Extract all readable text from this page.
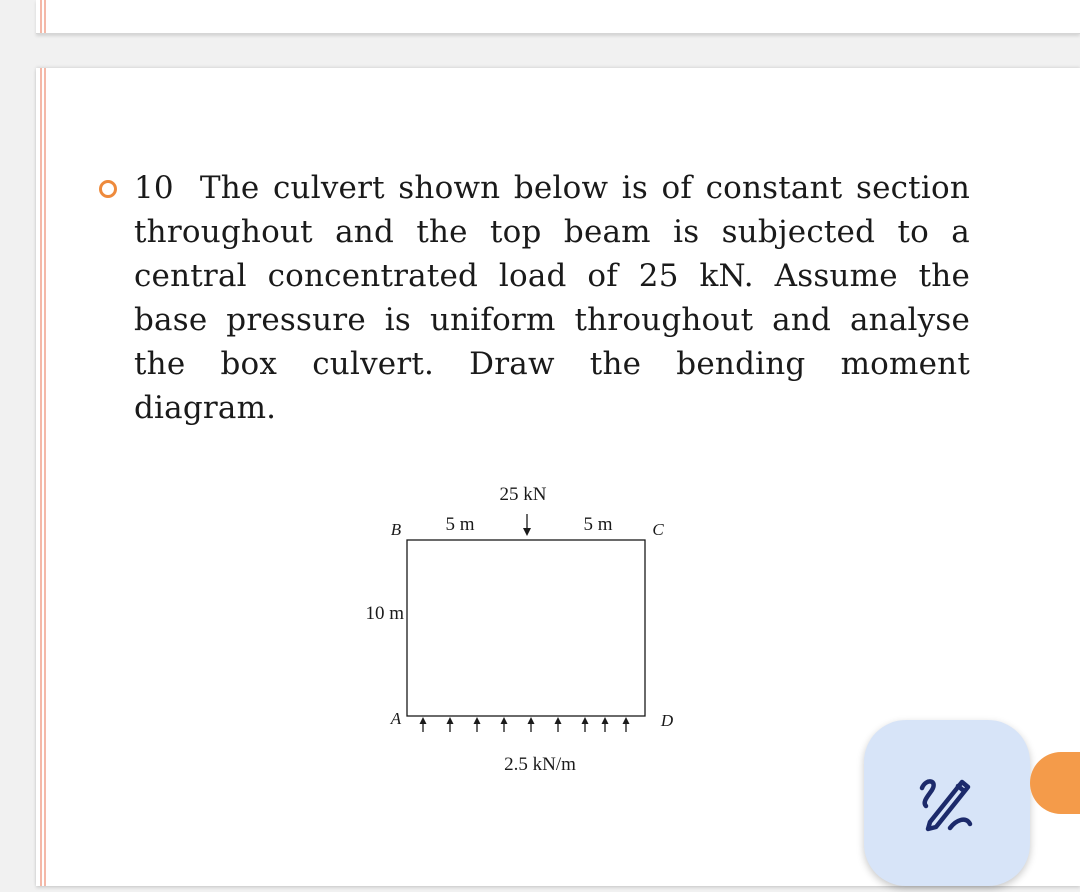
10 The culvert shown below is of constant section throughout and the top beam is subjected to a central concentrated load of 25 kN. Assume the base pressure is uniform throughout and analyse the box culvert. Draw the bending moment diagram.
25 kN
5 m	5 m
B	C
A	D
10 m
2.5 kN/m
